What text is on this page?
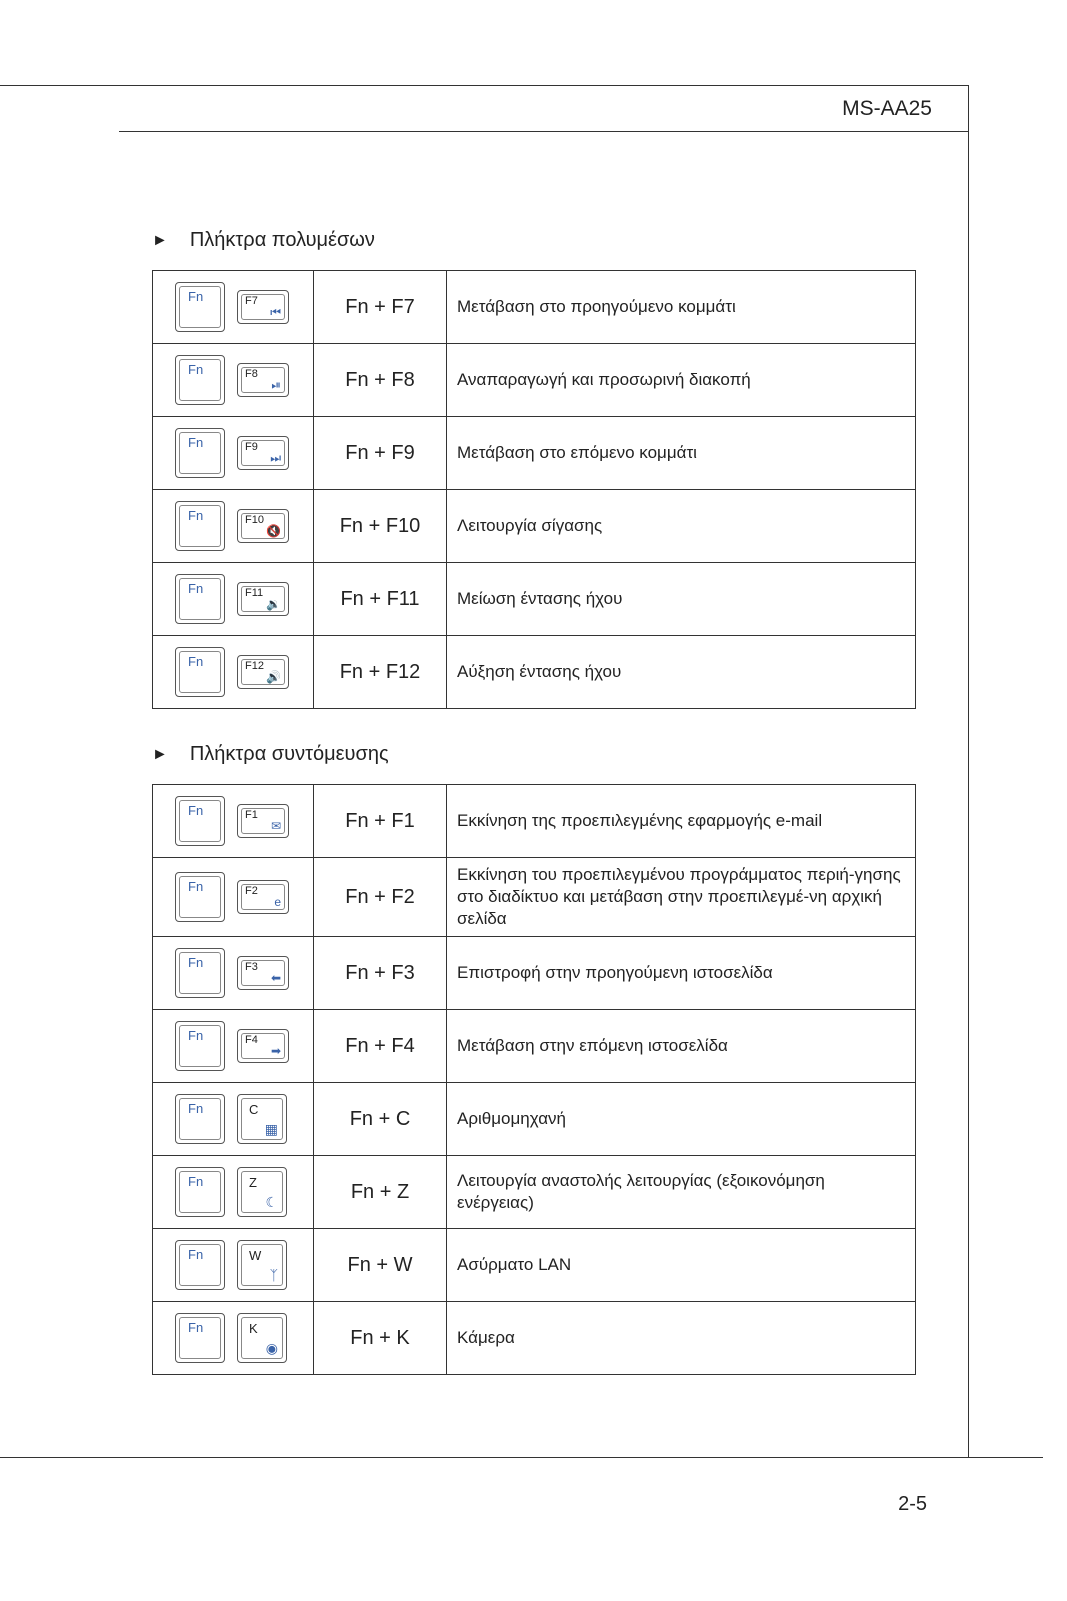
MS-AA25
2-5
► Πλήκτρα πολυμέσων
Fn F7
⏮	Fn + F7	Μετάβαση στο προηγούμενο κομμάτι

Fn F8
⏯	Fn + F8	Αναπαραγωγή και προσωρινή διακοπή

Fn F9
⏭	Fn + F9	Μετάβαση στο επόμενο κομμάτι

Fn F10
🔇	Fn + F10	Λειτουργία σίγασης

Fn F11
🔉	Fn + F11	Μείωση έντασης ήχου

Fn F12
🔊	Fn + F12	Αύξηση έντασης ήχου
► Πλήκτρα συντόμευσης
Fn F1
✉	Fn + F1	Εκκίνηση της προεπιλεγμένης εφαρμογής e-mail

Fn F2
e	Fn + F2	Εκκίνηση του προεπιλεγμένου προγράμματος περιή-γησης στο διαδίκτυο και μετάβαση στην προεπιλεγμέ-νη αρχική σελίδα

Fn F3
⬅	Fn + F3	Επιστροφή στην προηγούμενη ιστοσελίδα

Fn F4
➡	Fn + F4	Μετάβαση στην επόμενη ιστοσελίδα

Fn C
▦	Fn + C	Αριθμομηχανή

Fn Z
☾	Fn + Z	Λειτουργία αναστολής λειτουργίας (εξοικονόμηση ενέργειας)

Fn W
ᛉ	Fn + W	Ασύρματο LAN

Fn K
◉	Fn + K	Κάμερα
